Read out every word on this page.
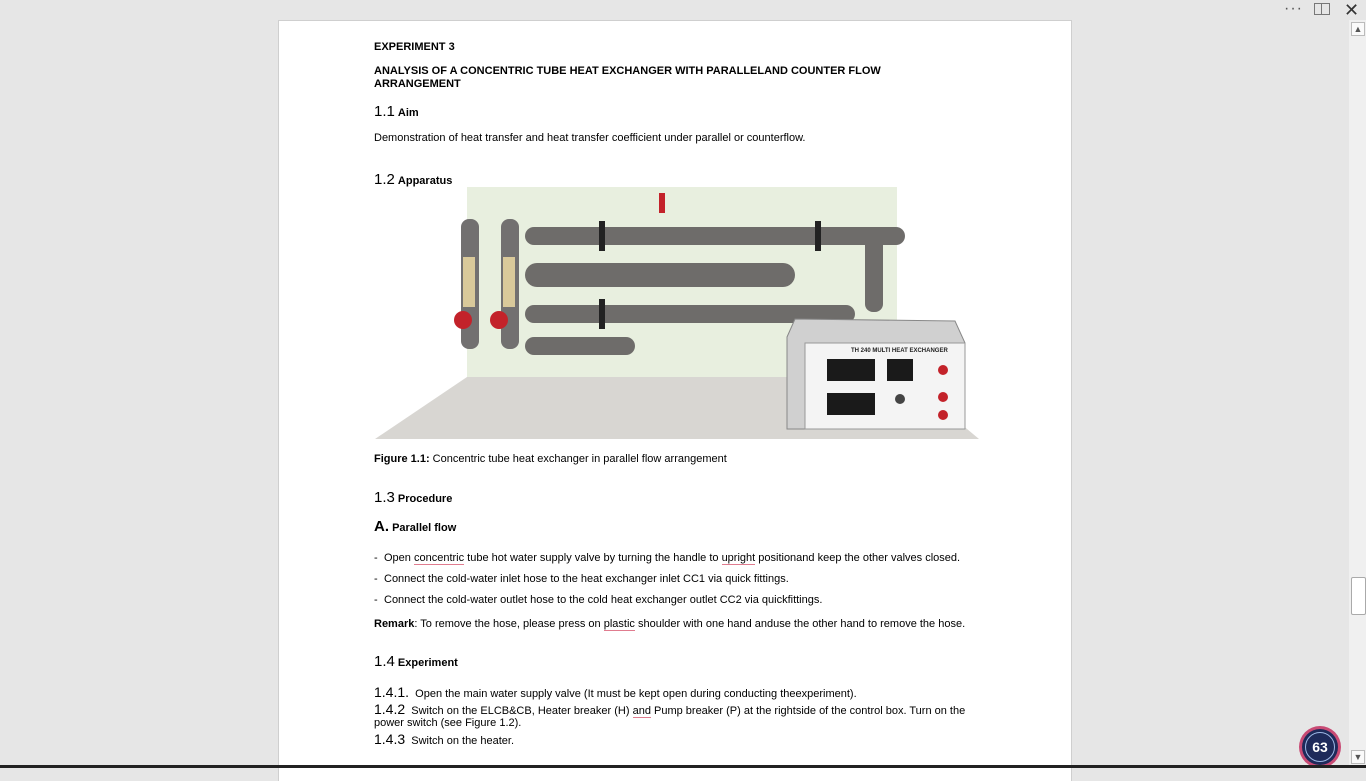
··· ✕
EXPERIMENT 3
ANALYSIS OF A CONCENTRIC TUBE HEAT EXCHANGER WITH PARALLELAND COUNTER FLOW
ARRANGEMENT
1.1 Aim
Demonstration of heat transfer and heat transfer coefficient under parallel or counterflow.
1.2 Apparatus
TH 240 MULTI HEAT EXCHANGER
Figure 1.1: Concentric tube heat exchanger in parallel flow arrangement
1.3 Procedure
A. Parallel flow
- Open concentric tube hot water supply valve by turning the handle to upright positionand keep the other valves closed.
- Connect the cold-water inlet hose to the heat exchanger inlet CC1 via quick fittings.
- Connect the cold-water outlet hose to the cold heat exchanger outlet CC2 via quickfittings.
Remark: To remove the hose, please press on plastic shoulder with one hand anduse the other hand to remove the hose.
1.4 Experiment
1.4.1. Open the main water supply valve (It must be kept open during conducting theexperiment).
1.4.2 Switch on the ELCB&CB, Heater breaker (H) and Pump breaker (P) at the rightside of the control box. Turn on the
power switch (see Figure 1.2).
1.4.3 Switch on the heater.
▲
▼
63
